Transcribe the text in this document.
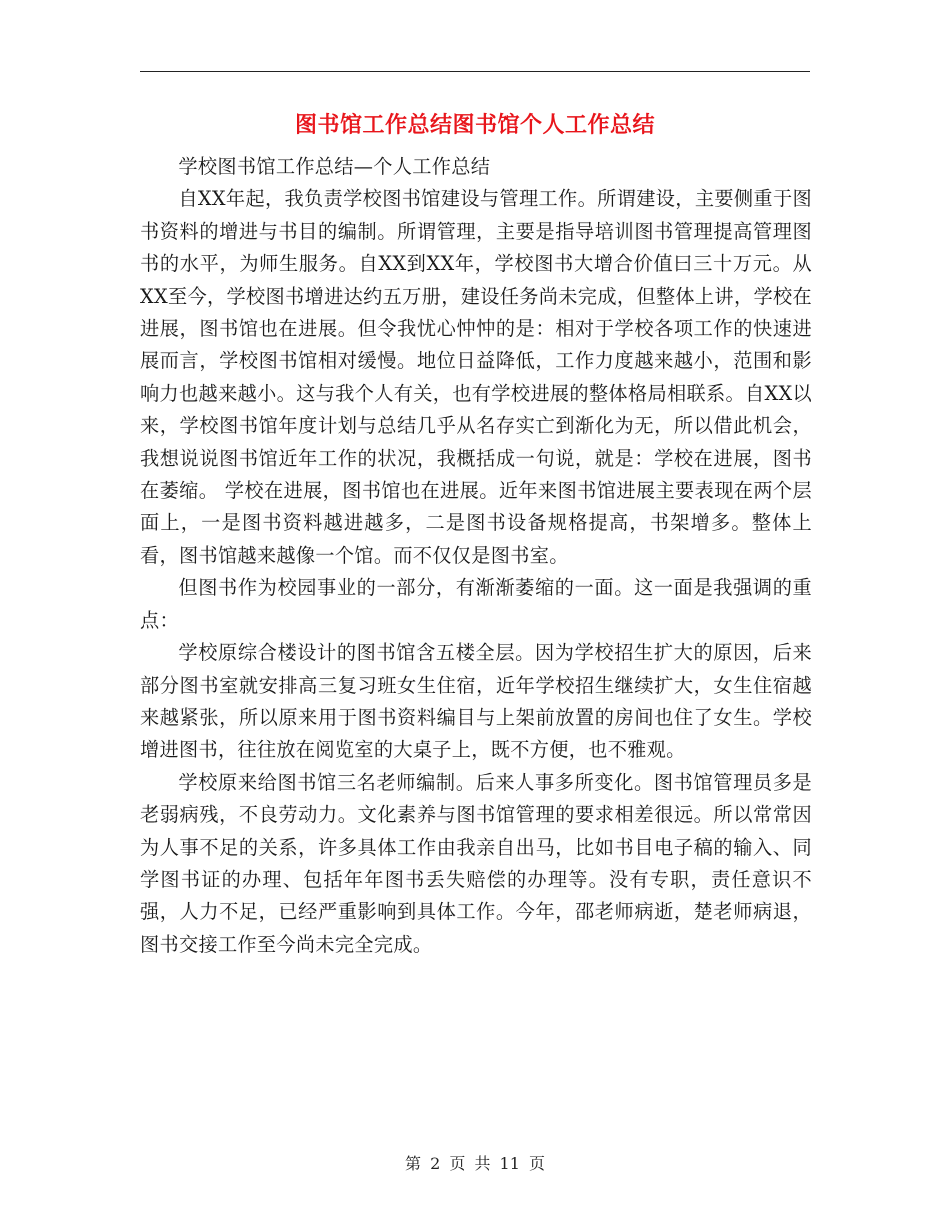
图书馆工作总结图书馆个人工作总结

学校图书馆工作总结—个人工作总结

自XX年起，我负责学校图书馆建设与管理工作。所谓建设，主要侧重于图书资料的增进与书目的编制。所谓管理，主要是指导培训图书管理提高管理图书的水平，为师生服务。自XX到XX年，学校图书大增合价值曰三十万元。从XX至今，学校图书增进达约五万册，建设任务尚未完成，但整体上讲，学校在进展，图书馆也在进展。但令我忧心忡忡的是：相对于学校各项工作的快速进展而言，学校图书馆相对缓慢。地位日益降低，工作力度越来越小，范围和影响力也越来越小。这与我个人有关，也有学校进展的整体格局相联系。自XX以来，学校图书馆年度计划与总结几乎从名存实亡到渐化为无，所以借此机会，我想说说图书馆近年工作的状况，我概括成一句说，就是：学校在进展，图书在萎缩。 学校在进展，图书馆也在进展。近年来图书馆进展主要表现在两个层面上，一是图书资料越进越多，二是图书设备规格提高，书架增多。整体上看，图书馆越来越像一个馆。而不仅仅是图书室。

但图书作为校园事业的一部分，有渐渐萎缩的一面。这一面是我强调的重点：

学校原综合楼设计的图书馆含五楼全层。因为学校招生扩大的原因，后来部分图书室就安排高三复习班女生住宿，近年学校招生继续扩大，女生住宿越来越紧张，所以原来用于图书资料编目与上架前放置的房间也住了女生。学校增进图书，往往放在阅览室的大桌子上，既不方便，也不雅观。

学校原来给图书馆三名老师编制。后来人事多所变化。图书馆管理员多是老弱病残，不良劳动力。文化素养与图书馆管理的要求相差很远。所以常常因为人事不足的关系，许多具体工作由我亲自出马，比如书目电子稿的输入、同学图书证的办理、包括年年图书丢失赔偿的办理等。没有专职，责任意识不强，人力不足，已经严重影响到具体工作。今年，邵老师病逝，楚老师病退，图书交接工作至今尚未完全完成。

第 2 页 共 11 页
